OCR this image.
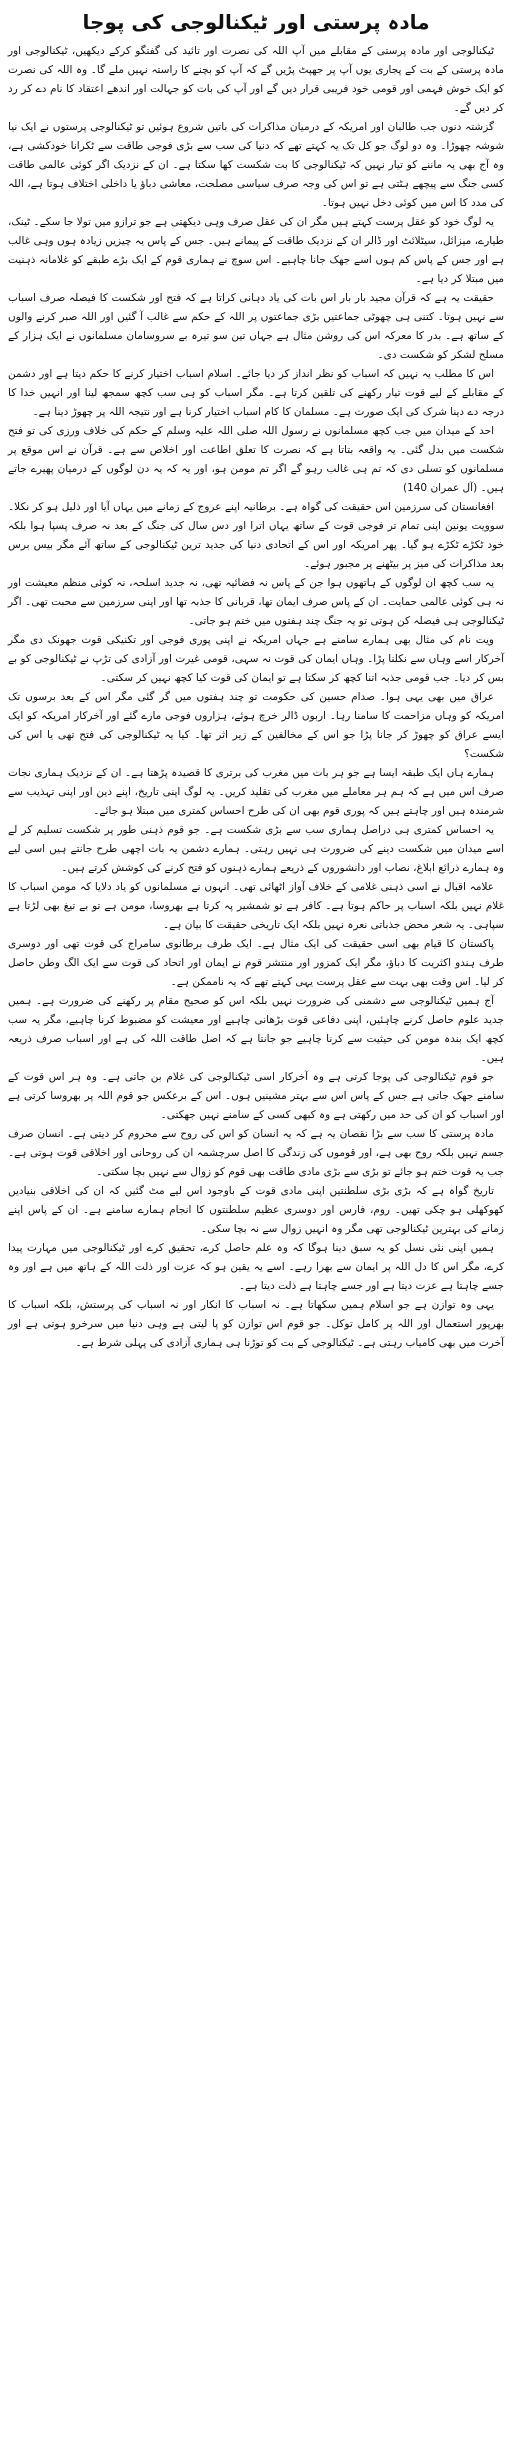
مادہ پرستی اور ٹیکنالوجی کی پوجا

ٹیکنالوجی اور مادہ پرستی کے مقابلے میں آپ اللہ کی نصرت اور تائید کی گفتگو کرکے دیکھیں، ٹیکنالوجی اور مادہ پرستی کے بت کے پجاری یوں آپ پر جھپٹ پڑیں گے کہ آپ کو بچنے کا راستہ نہیں ملے گا۔ وہ اللہ کی نصرت کو ایک خوش فہمی اور قومی خود فریبی قرار دیں گے اور آپ کی بات کو جہالت اور اندھے اعتقاد کا نام دے کر رد کر دیں گے۔

گزشتہ دنوں جب طالبان اور امریکہ کے درمیان مذاکرات کی باتیں شروع ہوئیں تو ٹیکنالوجی پرستوں نے ایک نیا شوشہ چھوڑا۔ وہ دو لوگ جو کل تک یہ کہتے تھے کہ دنیا کی سب سے بڑی فوجی طاقت سے ٹکرانا خودکشی ہے، وہ آج بھی یہ ماننے کو تیار نہیں کہ ٹیکنالوجی کا بت شکست کھا سکتا ہے۔ ان کے نزدیک اگر کوئی عالمی طاقت کسی جنگ سے پیچھے ہٹتی ہے تو اس کی وجہ صرف سیاسی مصلحت، معاشی دباؤ یا داخلی اختلاف ہوتا ہے، اللہ کی مدد کا اس میں کوئی دخل نہیں ہوتا۔

یہ لوگ خود کو عقل پرست کہتے ہیں مگر ان کی عقل صرف وہی دیکھتی ہے جو ترازو میں تولا جا سکے۔ ٹینک، طیارے، میزائل، سیٹلائٹ اور ڈالر ان کے نزدیک طاقت کے پیمانے ہیں۔ جس کے پاس یہ چیزیں زیادہ ہوں وہی غالب ہے اور جس کے پاس کم ہوں اسے جھک جانا چاہیے۔ اس سوچ نے ہماری قوم کے ایک بڑے طبقے کو غلامانہ ذہنیت میں مبتلا کر دیا ہے۔

حقیقت یہ ہے کہ قرآن مجید بار بار اس بات کی یاد دہانی کراتا ہے کہ فتح اور شکست کا فیصلہ صرف اسباب سے نہیں ہوتا۔ کتنی ہی چھوٹی جماعتیں بڑی جماعتوں پر اللہ کے حکم سے غالب آ گئیں اور اللہ صبر کرنے والوں کے ساتھ ہے۔ بدر کا معرکہ اس کی روشن مثال ہے جہاں تین سو تیرہ بے سروسامان مسلمانوں نے ایک ہزار کے مسلح لشکر کو شکست دی۔

اس کا مطلب یہ نہیں کہ اسباب کو نظر انداز کر دیا جائے۔ اسلام اسباب اختیار کرنے کا حکم دیتا ہے اور دشمن کے مقابلے کے لیے قوت تیار رکھنے کی تلقین کرتا ہے۔ مگر اسباب کو ہی سب کچھ سمجھ لینا اور انہیں خدا کا درجہ دے دینا شرک کی ایک صورت ہے۔ مسلمان کا کام اسباب اختیار کرنا ہے اور نتیجہ اللہ پر چھوڑ دینا ہے۔

احد کے میدان میں جب کچھ مسلمانوں نے رسول اللہ صلی اللہ علیہ وسلم کے حکم کی خلاف ورزی کی تو فتح شکست میں بدل گئی۔ یہ واقعہ بتاتا ہے کہ نصرت کا تعلق اطاعت اور اخلاص سے ہے۔ قرآن نے اس موقع پر مسلمانوں کو تسلی دی کہ تم ہی غالب رہو گے اگر تم مومن ہو، اور یہ کہ یہ دن لوگوں کے درمیان پھیرے جاتے ہیں۔ (آل عمران 140)

افغانستان کی سرزمین اس حقیقت کی گواہ ہے۔ برطانیہ اپنے عروج کے زمانے میں یہاں آیا اور ذلیل ہو کر نکلا۔ سوویت یونین اپنی تمام تر فوجی قوت کے ساتھ یہاں اترا اور دس سال کی جنگ کے بعد نہ صرف پسپا ہوا بلکہ خود ٹکڑے ٹکڑے ہو گیا۔ پھر امریکہ اور اس کے اتحادی دنیا کی جدید ترین ٹیکنالوجی کے ساتھ آئے مگر بیس برس بعد مذاکرات کی میز پر بیٹھنے پر مجبور ہوئے۔

یہ سب کچھ ان لوگوں کے ہاتھوں ہوا جن کے پاس نہ فضائیہ تھی، نہ جدید اسلحہ، نہ کوئی منظم معیشت اور نہ ہی کوئی عالمی حمایت۔ ان کے پاس صرف ایمان تھا، قربانی کا جذبہ تھا اور اپنی سرزمین سے محبت تھی۔ اگر ٹیکنالوجی ہی فیصلہ کن ہوتی تو یہ جنگ چند ہفتوں میں ختم ہو جاتی۔

ویت نام کی مثال بھی ہمارے سامنے ہے جہاں امریکہ نے اپنی پوری فوجی اور تکنیکی قوت جھونک دی مگر آخرکار اسے وہاں سے نکلنا پڑا۔ وہاں ایمان کی قوت نہ سہی، قومی غیرت اور آزادی کی تڑپ نے ٹیکنالوجی کو بے بس کر دیا۔ جب قومی جذبہ اتنا کچھ کر سکتا ہے تو ایمان کی قوت کیا کچھ نہیں کر سکتی۔

عراق میں بھی یہی ہوا۔ صدام حسین کی حکومت تو چند ہفتوں میں گر گئی مگر اس کے بعد برسوں تک امریکہ کو وہاں مزاحمت کا سامنا رہا۔ اربوں ڈالر خرچ ہوئے، ہزاروں فوجی مارے گئے اور آخرکار امریکہ کو ایک ایسے عراق کو چھوڑ کر جانا پڑا جو اس کے مخالفین کے زیر اثر تھا۔ کیا یہ ٹیکنالوجی کی فتح تھی یا اس کی شکست؟

ہمارے ہاں ایک طبقہ ایسا ہے جو ہر بات میں مغرب کی برتری کا قصیدہ پڑھتا ہے۔ ان کے نزدیک ہماری نجات صرف اس میں ہے کہ ہم ہر معاملے میں مغرب کی تقلید کریں۔ یہ لوگ اپنی تاریخ، اپنے دین اور اپنی تہذیب سے شرمندہ ہیں اور چاہتے ہیں کہ پوری قوم بھی ان کی طرح احساس کمتری میں مبتلا ہو جائے۔

یہ احساس کمتری ہی دراصل ہماری سب سے بڑی شکست ہے۔ جو قوم ذہنی طور پر شکست تسلیم کر لے اسے میدان میں شکست دینے کی ضرورت ہی نہیں رہتی۔ ہمارے دشمن یہ بات اچھی طرح جانتے ہیں اسی لیے وہ ہمارے ذرائع ابلاغ، نصاب اور دانشوروں کے ذریعے ہمارے ذہنوں کو فتح کرنے کی کوشش کرتے ہیں۔

علامہ اقبال نے اسی ذہنی غلامی کے خلاف آواز اٹھائی تھی۔ انہوں نے مسلمانوں کو یاد دلایا کہ مومن اسباب کا غلام نہیں بلکہ اسباب پر حاکم ہوتا ہے۔ کافر ہے تو شمشیر پہ کرتا ہے بھروسا، مومن ہے تو بے تیغ بھی لڑتا ہے سپاہی۔ یہ شعر محض جذباتی نعرہ نہیں بلکہ ایک تاریخی حقیقت کا بیان ہے۔

پاکستان کا قیام بھی اسی حقیقت کی ایک مثال ہے۔ ایک طرف برطانوی سامراج کی قوت تھی اور دوسری طرف ہندو اکثریت کا دباؤ، مگر ایک کمزور اور منتشر قوم نے ایمان اور اتحاد کی قوت سے ایک الگ وطن حاصل کر لیا۔ اس وقت بھی بہت سے عقل پرست یہی کہتے تھے کہ یہ ناممکن ہے۔

آج ہمیں ٹیکنالوجی سے دشمنی کی ضرورت نہیں بلکہ اس کو صحیح مقام پر رکھنے کی ضرورت ہے۔ ہمیں جدید علوم حاصل کرنے چاہئیں، اپنی دفاعی قوت بڑھانی چاہیے اور معیشت کو مضبوط کرنا چاہیے، مگر یہ سب کچھ ایک بندہ مومن کی حیثیت سے کرنا چاہیے جو جانتا ہے کہ اصل طاقت اللہ کی ہے اور اسباب صرف ذریعہ ہیں۔

جو قوم ٹیکنالوجی کی پوجا کرتی ہے وہ آخرکار اسی ٹیکنالوجی کی غلام بن جاتی ہے۔ وہ ہر اس قوت کے سامنے جھک جاتی ہے جس کے پاس اس سے بہتر مشینیں ہوں۔ اس کے برعکس جو قوم اللہ پر بھروسا کرتی ہے اور اسباب کو ان کی حد میں رکھتی ہے وہ کبھی کسی کے سامنے نہیں جھکتی۔

مادہ پرستی کا سب سے بڑا نقصان یہ ہے کہ یہ انسان کو اس کی روح سے محروم کر دیتی ہے۔ انسان صرف جسم نہیں بلکہ روح بھی ہے، اور قوموں کی زندگی کا اصل سرچشمہ ان کی روحانی اور اخلاقی قوت ہوتی ہے۔ جب یہ قوت ختم ہو جائے تو بڑی سے بڑی مادی طاقت بھی قوم کو زوال سے نہیں بچا سکتی۔

تاریخ گواہ ہے کہ بڑی بڑی سلطنتیں اپنی مادی قوت کے باوجود اس لیے مٹ گئیں کہ ان کی اخلاقی بنیادیں کھوکھلی ہو چکی تھیں۔ روم، فارس اور دوسری عظیم سلطنتوں کا انجام ہمارے سامنے ہے۔ ان کے پاس اپنے زمانے کی بہترین ٹیکنالوجی تھی مگر وہ انہیں زوال سے نہ بچا سکی۔

ہمیں اپنی نئی نسل کو یہ سبق دینا ہوگا کہ وہ علم حاصل کرے، تحقیق کرے اور ٹیکنالوجی میں مہارت پیدا کرے، مگر اس کا دل اللہ پر ایمان سے بھرا رہے۔ اسے یہ یقین ہو کہ عزت اور ذلت اللہ کے ہاتھ میں ہے اور وہ جسے چاہتا ہے عزت دیتا ہے اور جسے چاہتا ہے ذلت دیتا ہے۔

یہی وہ توازن ہے جو اسلام ہمیں سکھاتا ہے۔ نہ اسباب کا انکار اور نہ اسباب کی پرستش، بلکہ اسباب کا بھرپور استعمال اور اللہ پر کامل توکل۔ جو قوم اس توازن کو پا لیتی ہے وہی دنیا میں سرخرو ہوتی ہے اور آخرت میں بھی کامیاب رہتی ہے۔ ٹیکنالوجی کے بت کو توڑنا ہی ہماری آزادی کی پہلی شرط ہے۔
